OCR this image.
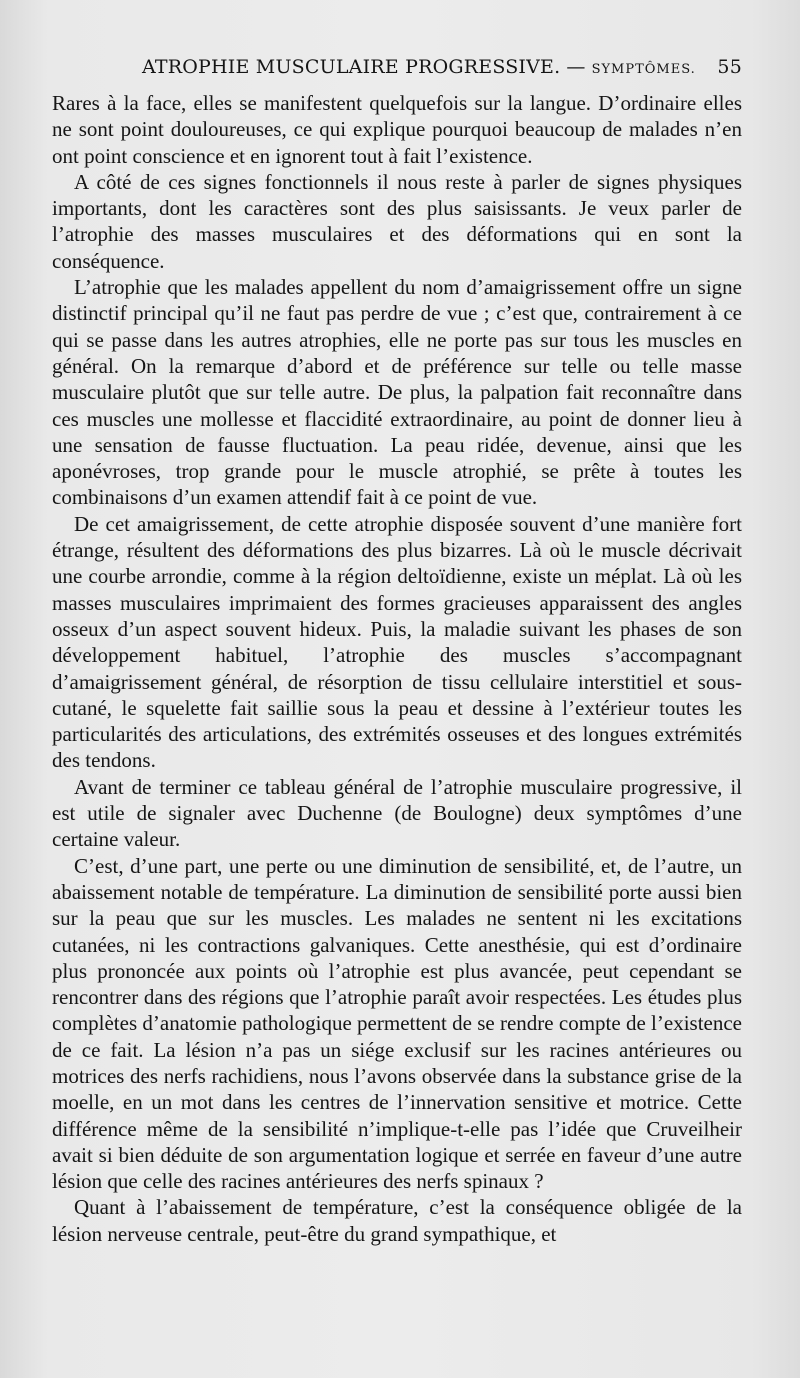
ATROPHIE MUSCULAIRE PROGRESSIVE. — SYMPTÔMES. 55

Rares à la face, elles se manifestent quelquefois sur la langue. D’ordinaire elles ne sont point douloureuses, ce qui explique pourquoi beaucoup de malades n’en ont point conscience et en ignorent tout à fait l’existence.

A côté de ces signes fonctionnels il nous reste à parler de signes physiques importants, dont les caractères sont des plus saisissants. Je veux parler de l’atrophie des masses musculaires et des déformations qui en sont la conséquence.

L’atrophie que les malades appellent du nom d’amaigrissement offre un signe distinctif principal qu’il ne faut pas perdre de vue ; c’est que, contrairement à ce qui se passe dans les autres atrophies, elle ne porte pas sur tous les muscles en général. On la remarque d’abord et de préférence sur telle ou telle masse musculaire plutôt que sur telle autre. De plus, la palpation fait reconnaître dans ces muscles une mollesse et flaccidité extraordinaire, au point de donner lieu à une sensation de fausse fluctuation. La peau ridée, devenue, ainsi que les aponévroses, trop grande pour le muscle atrophié, se prête à toutes les combinaisons d’un examen attendif fait à ce point de vue.

De cet amaigrissement, de cette atrophie disposée souvent d’une manière fort étrange, résultent des déformations des plus bizarres. Là où le muscle décrivait une courbe arrondie, comme à la région deltoïdienne, existe un méplat. Là où les masses musculaires imprimaient des formes gracieuses apparaissent des angles osseux d’un aspect souvent hideux. Puis, la maladie suivant les phases de son développement habituel, l’atrophie des muscles s’accompagnant d’amaigrissement général, de résorption de tissu cellulaire interstitiel et sous-cutané, le squelette fait saillie sous la peau et dessine à l’extérieur toutes les particularités des articulations, des extrémités osseuses et des longues extrémités des tendons.

Avant de terminer ce tableau général de l’atrophie musculaire progressive, il est utile de signaler avec Duchenne (de Boulogne) deux symptômes d’une certaine valeur.

C’est, d’une part, une perte ou une diminution de sensibilité, et, de l’autre, un abaissement notable de température. La diminution de sensibilité porte aussi bien sur la peau que sur les muscles. Les malades ne sentent ni les excitations cutanées, ni les contractions galvaniques. Cette anesthésie, qui est d’ordinaire plus prononcée aux points où l’atrophie est plus avancée, peut cependant se rencontrer dans des régions que l’atrophie paraît avoir respectées. Les études plus complètes d’anatomie pathologique permettent de se rendre compte de l’existence de ce fait. La lésion n’a pas un siége exclusif sur les racines antérieures ou motrices des nerfs rachidiens, nous l’avons observée dans la substance grise de la moelle, en un mot dans les centres de l’innervation sensitive et motrice. Cette différence même de la sensibilité n’implique-t-elle pas l’idée que Cruveilheir avait si bien déduite de son argumentation logique et serrée en faveur d’une autre lésion que celle des racines antérieures des nerfs spinaux ?

Quant à l’abaissement de température, c’est la conséquence obligée de la lésion nerveuse centrale, peut-être du grand sympathique, et
